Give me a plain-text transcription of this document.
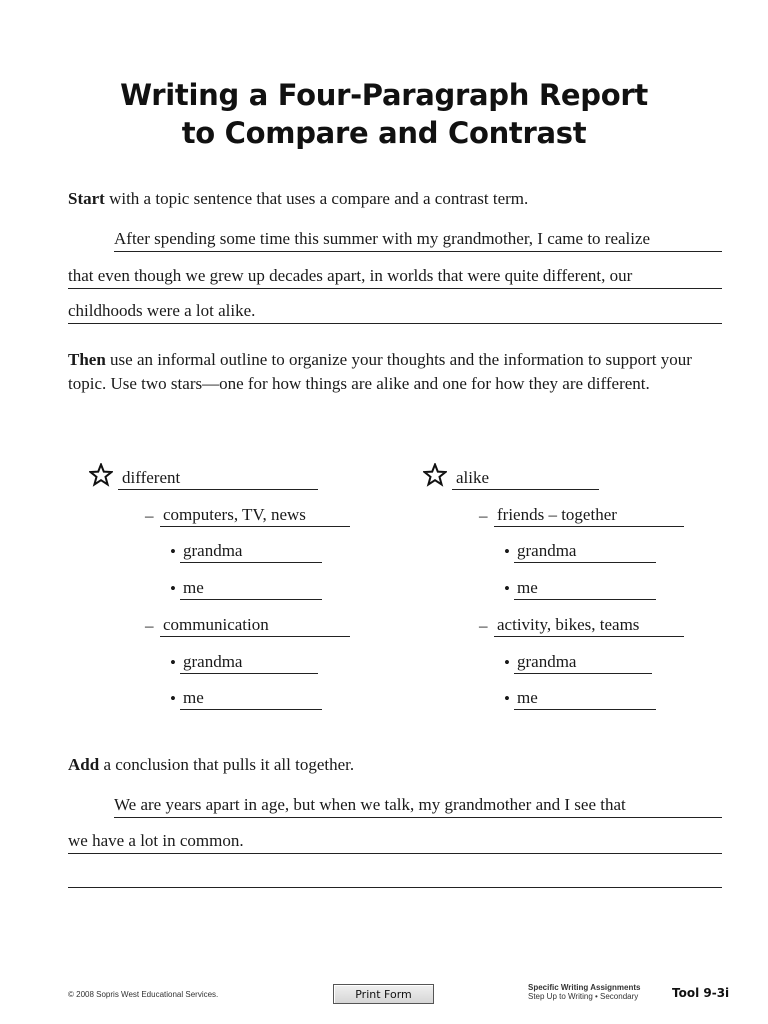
Writing a Four-Paragraph Report
to Compare and Contrast
Start with a topic sentence that uses a compare and a contrast term.
After spending some time this summer with my grandmother, I came to realize
that even though we grew up decades apart, in worlds that were quite different, our
childhoods were a lot alike.
Then use an informal outline to organize your thoughts and the information to support your topic. Use two stars—one for how things are alike and one for how they are different.
different
– computers, TV, news
• grandma
• me
– communication
• grandma
• me
alike
– friends – together
• grandma
• me
– activity, bikes, teams
• grandma
• me
Add a conclusion that pulls it all together.
We are years apart in age, but when we talk, my grandmother and I see that
we have a lot in common.
© 2008 Sopris West Educational Services.	Print Form
Specific Writing Assignments
Step Up to Writing • Secondary	Tool 9-3i
